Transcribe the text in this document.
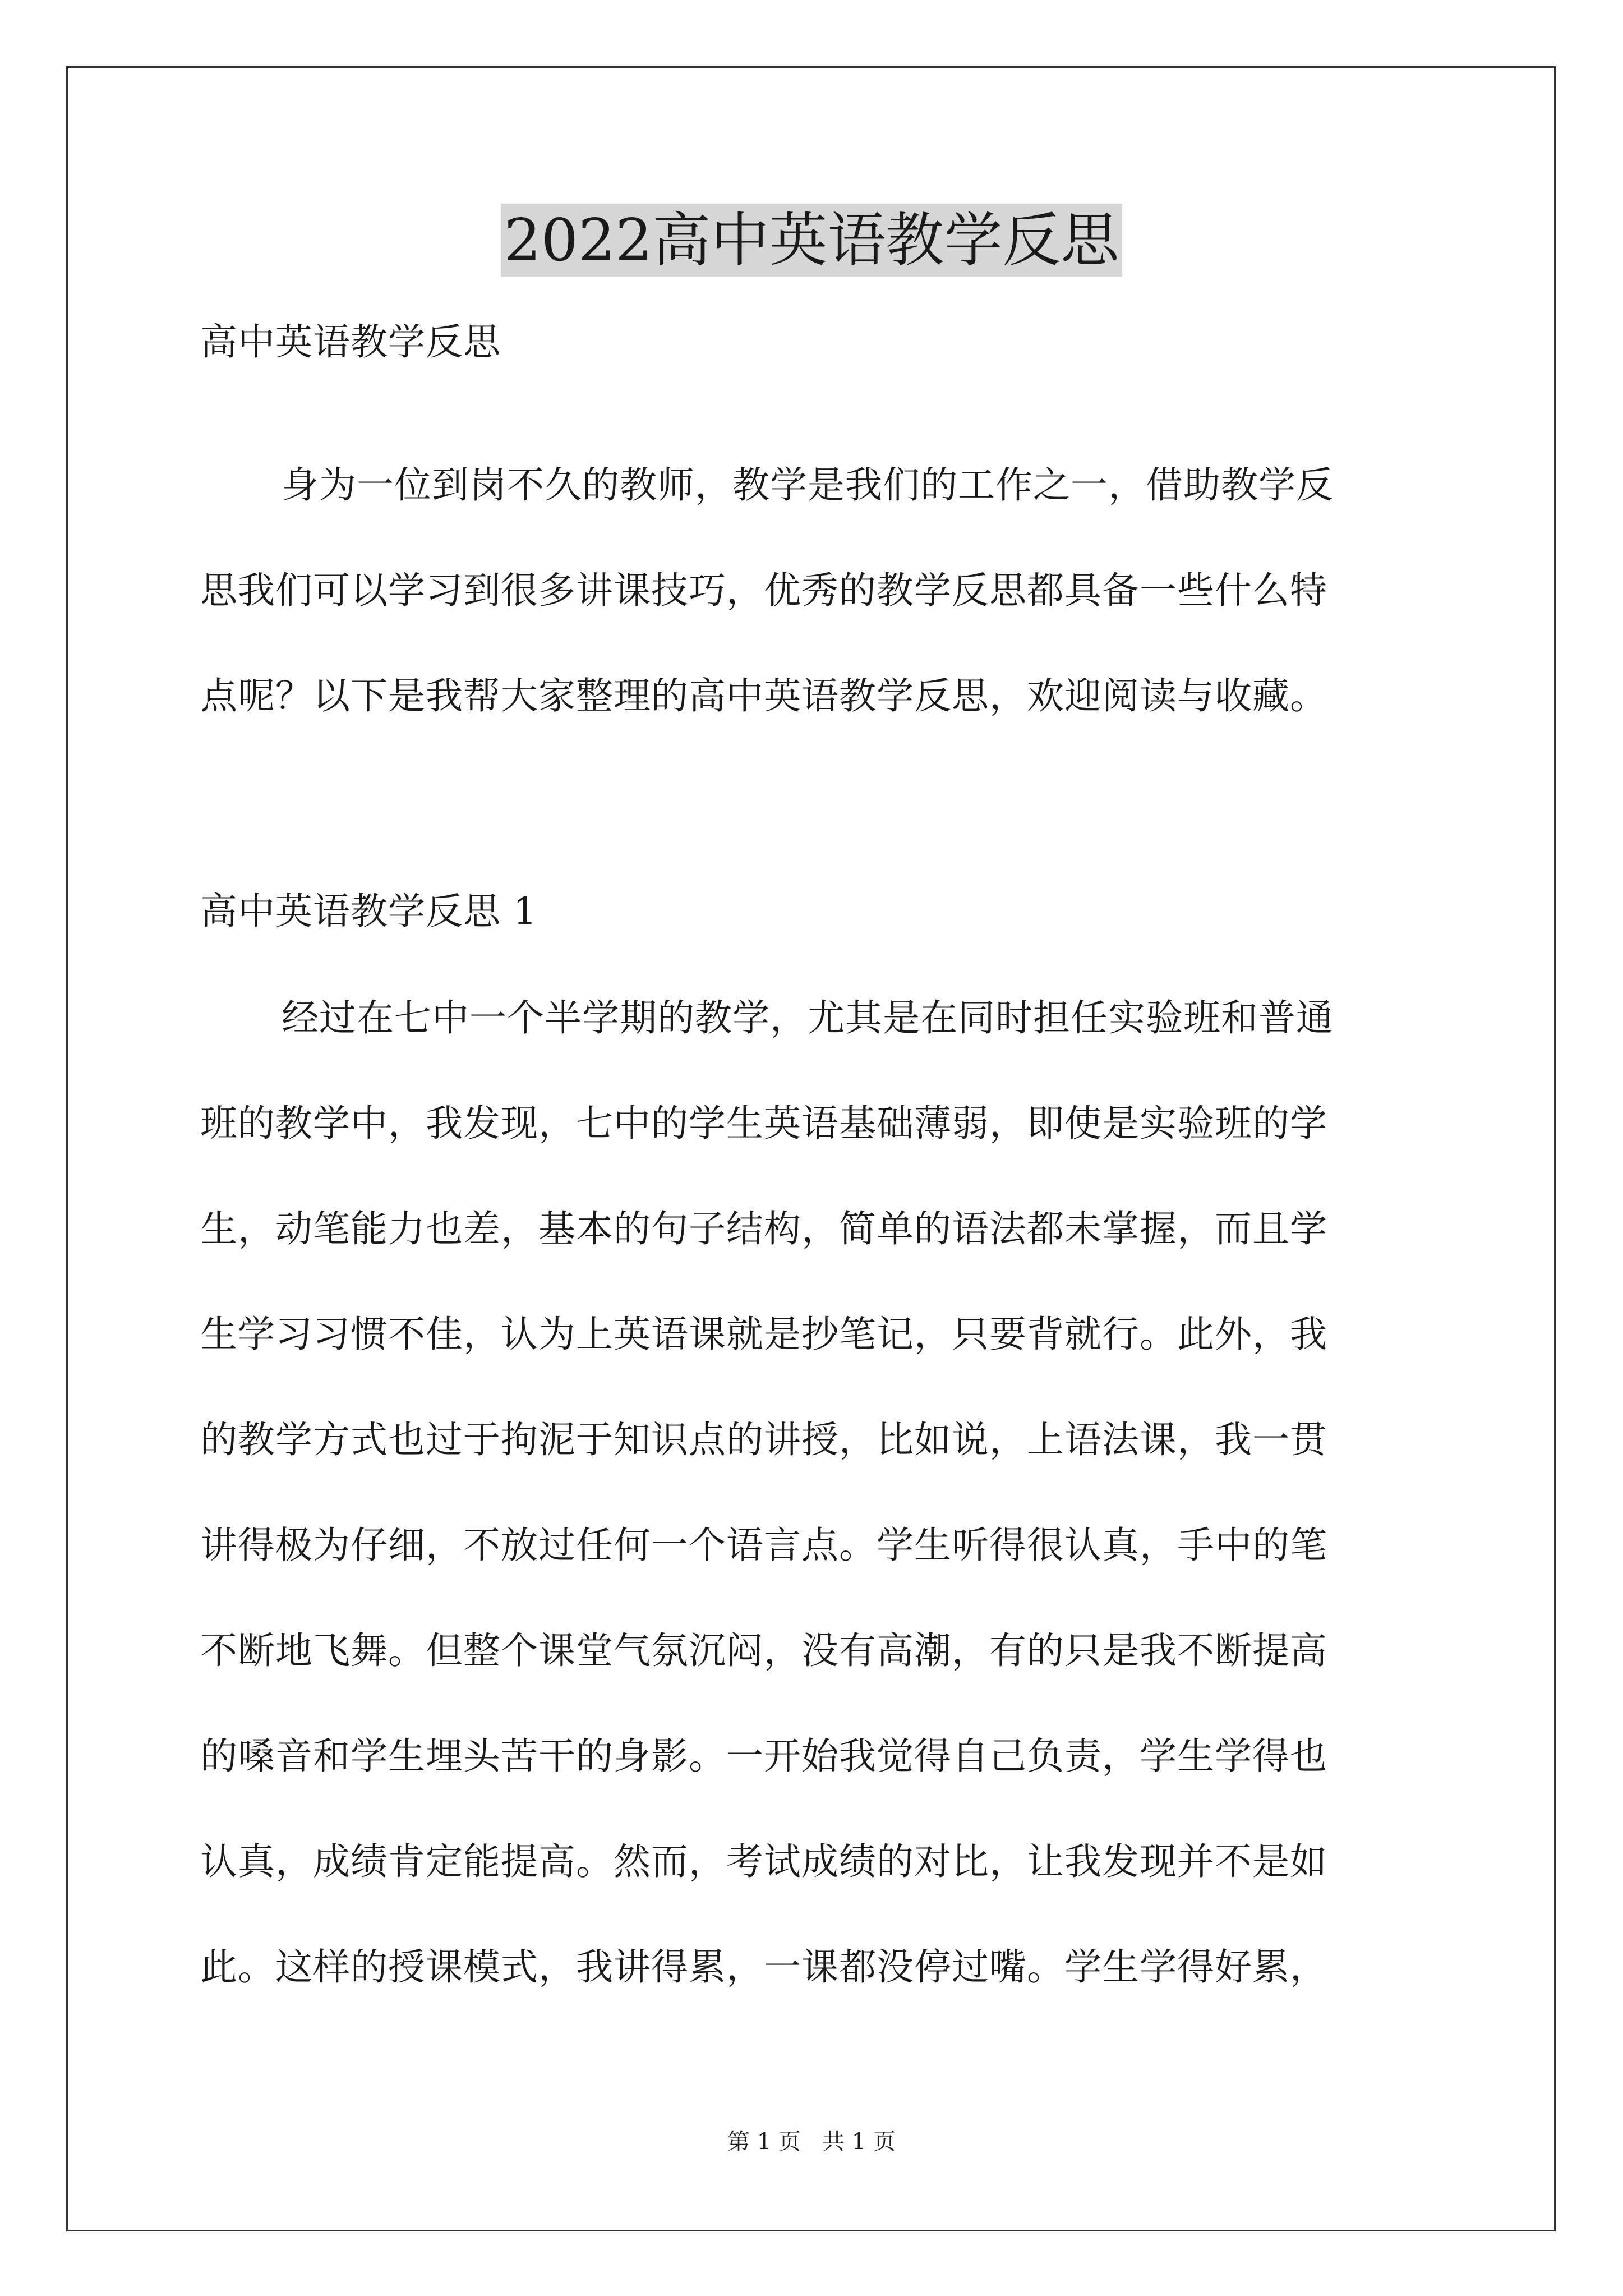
2022高中英语教学反思
高中英语教学反思
身为一位到岗不久的教师，教学是我们的工作之一，借助教学反
思我们可以学习到很多讲课技巧，优秀的教学反思都具备一些什么特
点呢？以下是我帮大家整理的高中英语教学反思，欢迎阅读与收藏。
高中英语教学反思 1
经过在七中一个半学期的教学，尤其是在同时担任实验班和普通
班的教学中，我发现，七中的学生英语基础薄弱，即使是实验班的学
生，动笔能力也差，基本的句子结构，简单的语法都未掌握，而且学
生学习习惯不佳，认为上英语课就是抄笔记，只要背就行。此外，我
的教学方式也过于拘泥于知识点的讲授，比如说，上语法课，我一贯
讲得极为仔细，不放过任何一个语言点。学生听得很认真，手中的笔
不断地飞舞。但整个课堂气氛沉闷，没有高潮，有的只是我不断提高
的嗓音和学生埋头苦干的身影。一开始我觉得自己负责，学生学得也
认真，成绩肯定能提高。然而，考试成绩的对比，让我发现并不是如
此。这样的授课模式，我讲得累，一课都没停过嘴。学生学得好累，
第 1 页   共 1 页
